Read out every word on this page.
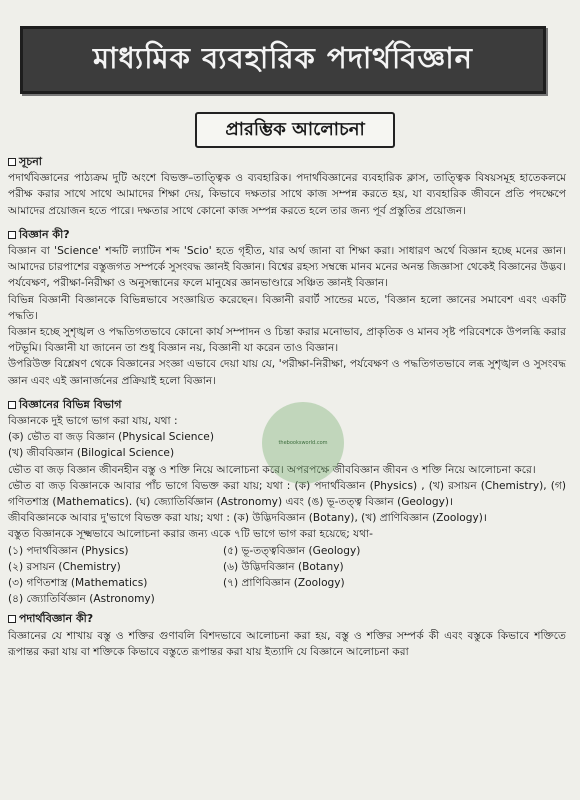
মাধ্যমিক ব্যবহারিক পদার্থবিজ্ঞান
প্রারম্ভিক আলোচনা
সূচনা
পদার্থবিজ্ঞানের পাঠ্যক্রম দুটি অংশে বিভক্ত–তাত্ত্বিক ও ব্যবহারিক। পদার্থবিজ্ঞানের ব্যবহারিক ক্লাস, তাত্ত্বিক বিষয়সমূহ হাতেকলমে পরীক্ষ করার সাথে সাথে আমাদের শিক্ষা দেয়, কিভাবে দক্ষতার সাথে কাজ সম্পন্ন করতে হয়, যা ব্যবহারিক জীবনে প্রতি পদক্ষেপে আমাদের প্রয়োজন হতে পারে। দক্ষতার সাথে কোনো কাজ সম্পন্ন করতে হলে তার জন্য পূর্ব প্রস্তুতির প্রয়োজন।
বিজ্ঞান কী?
বিজ্ঞান বা 'Science' শব্দটি ল্যাটিন শব্দ 'Scio' হতে গৃহীত, যার অর্থ জানা বা শিক্ষা করা। সাধারণ অর্থে বিজ্ঞান হচ্ছে মনের জ্ঞান। আমাদের চারপাশের বস্তুজগত সম্পর্কে সুসংবদ্ধ জ্ঞানই বিজ্ঞান। বিশ্বের রহস্য সম্বন্ধে মানব মনের অনন্ত জিজ্ঞাসা থেকেই বিজ্ঞানের উদ্ভব। পর্যবেক্ষণ, পরীক্ষা-নিরীক্ষা ও অনুসন্ধানের ফলে মানুষের জ্ঞানভাণ্ডারে সঞ্চিত জ্ঞানই বিজ্ঞান।
বিভিন্ন বিজ্ঞানী বিজ্ঞানকে বিভিন্নভাবে সংজ্ঞায়িত করেছেন। বিজ্ঞানী রবার্ট সান্ডের মতে, 'বিজ্ঞান হলো জ্ঞানের সমাবেশ এবং একটি পদ্ধতি।
বিজ্ঞান হচ্ছে সুশৃঙ্খল ও পদ্ধতিগতভাবে কোনো কার্য সম্পাদন ও চিন্তা করার মনোভাব, প্রাকৃতিক ও মানব সৃষ্ট পরিবেশকে উপলব্ধি করার পটভূমি। বিজ্ঞানী যা জানেন তা শুধু বিজ্ঞান নয়, বিজ্ঞানী যা করেন তাও বিজ্ঞান।
উপরিউক্ত বিশ্লেষণ থেকে বিজ্ঞানের সংজ্ঞা এভাবে দেয়া যায় যে, 'পরীক্ষা-নিরীক্ষা, পর্যবেক্ষণ ও পদ্ধতিগতভাবে লব্ধ সুশৃঙ্খল ও সুসংবদ্ধ জ্ঞান এবং এই জ্ঞানার্জনের প্রক্রিয়াই হলো বিজ্ঞান।
বিজ্ঞানের বিভিন্ন বিভাগ
বিজ্ঞানকে দুই ভাগে ভাগ করা যায়, যথা :
(ক) ভৌত বা জড় বিজ্ঞান (Physical Science)
(খ) জীববিজ্ঞান (Bilogical Science)
ভৌত বা জড় বিজ্ঞান জীবনহীন বস্তু ও শক্তি নিয়ে আলোচনা করে। অপরপক্ষে জীববিজ্ঞান জীবন ও শক্তি নিয়ে আলোচনা করে।
ভৌত বা জড় বিজ্ঞানকে আবার পাঁচ ভাগে বিভক্ত করা যায়; যথা : (ক) পদার্থবিজ্ঞান (Physics) , (খ) রসায়ন (Chemistry), (গ) গণিতশাস্ত্র (Mathematics). (ঘ) জ্যোতির্বিজ্ঞান (Astronomy) এবং (ঙ) ভূ-তত্ত্ব বিজ্ঞান (Geology)।
জীববিজ্ঞানকে আবার দু'ভাগে বিভক্ত করা যায়; যথা : (ক) উদ্ভিদবিজ্ঞান (Botany), (খ) প্রাণিবিজ্ঞান (Zoology)।
বস্তুত বিজ্ঞানকে সূক্ষ্মভাবে আলোচনা করার জন্য একে ৭টি ভাগে ভাগ করা হয়েছে; যথা-
(১) পদার্থবিজ্ঞান (Physics)
(২) রসায়ন (Chemistry)
(৩) গণিতশাস্ত্র (Mathematics)
(৪) জ্যোতির্বিজ্ঞান (Astronomy)
(৫) ভূ-তত্ত্ববিজ্ঞান (Geology)
(৬) উদ্ভিদবিজ্ঞান (Botany)
(৭) প্রাণিবিজ্ঞান (Zoology)
পদার্থবিজ্ঞান কী?
বিজ্ঞানের যে শাখায় বস্তু ও শক্তির গুণাবলি বিশদভাবে আলোচনা করা হয়, বস্তু ও শক্তির সম্পর্ক কী এবং বস্তুকে কিভাবে শক্তিতে রূপান্তর করা যায় বা শক্তিকে কিভাবে বস্তুতে রূপান্তর করা যায় ইত্যাদি যে বিজ্ঞানে আলোচনা করা
thebooksworld.com
